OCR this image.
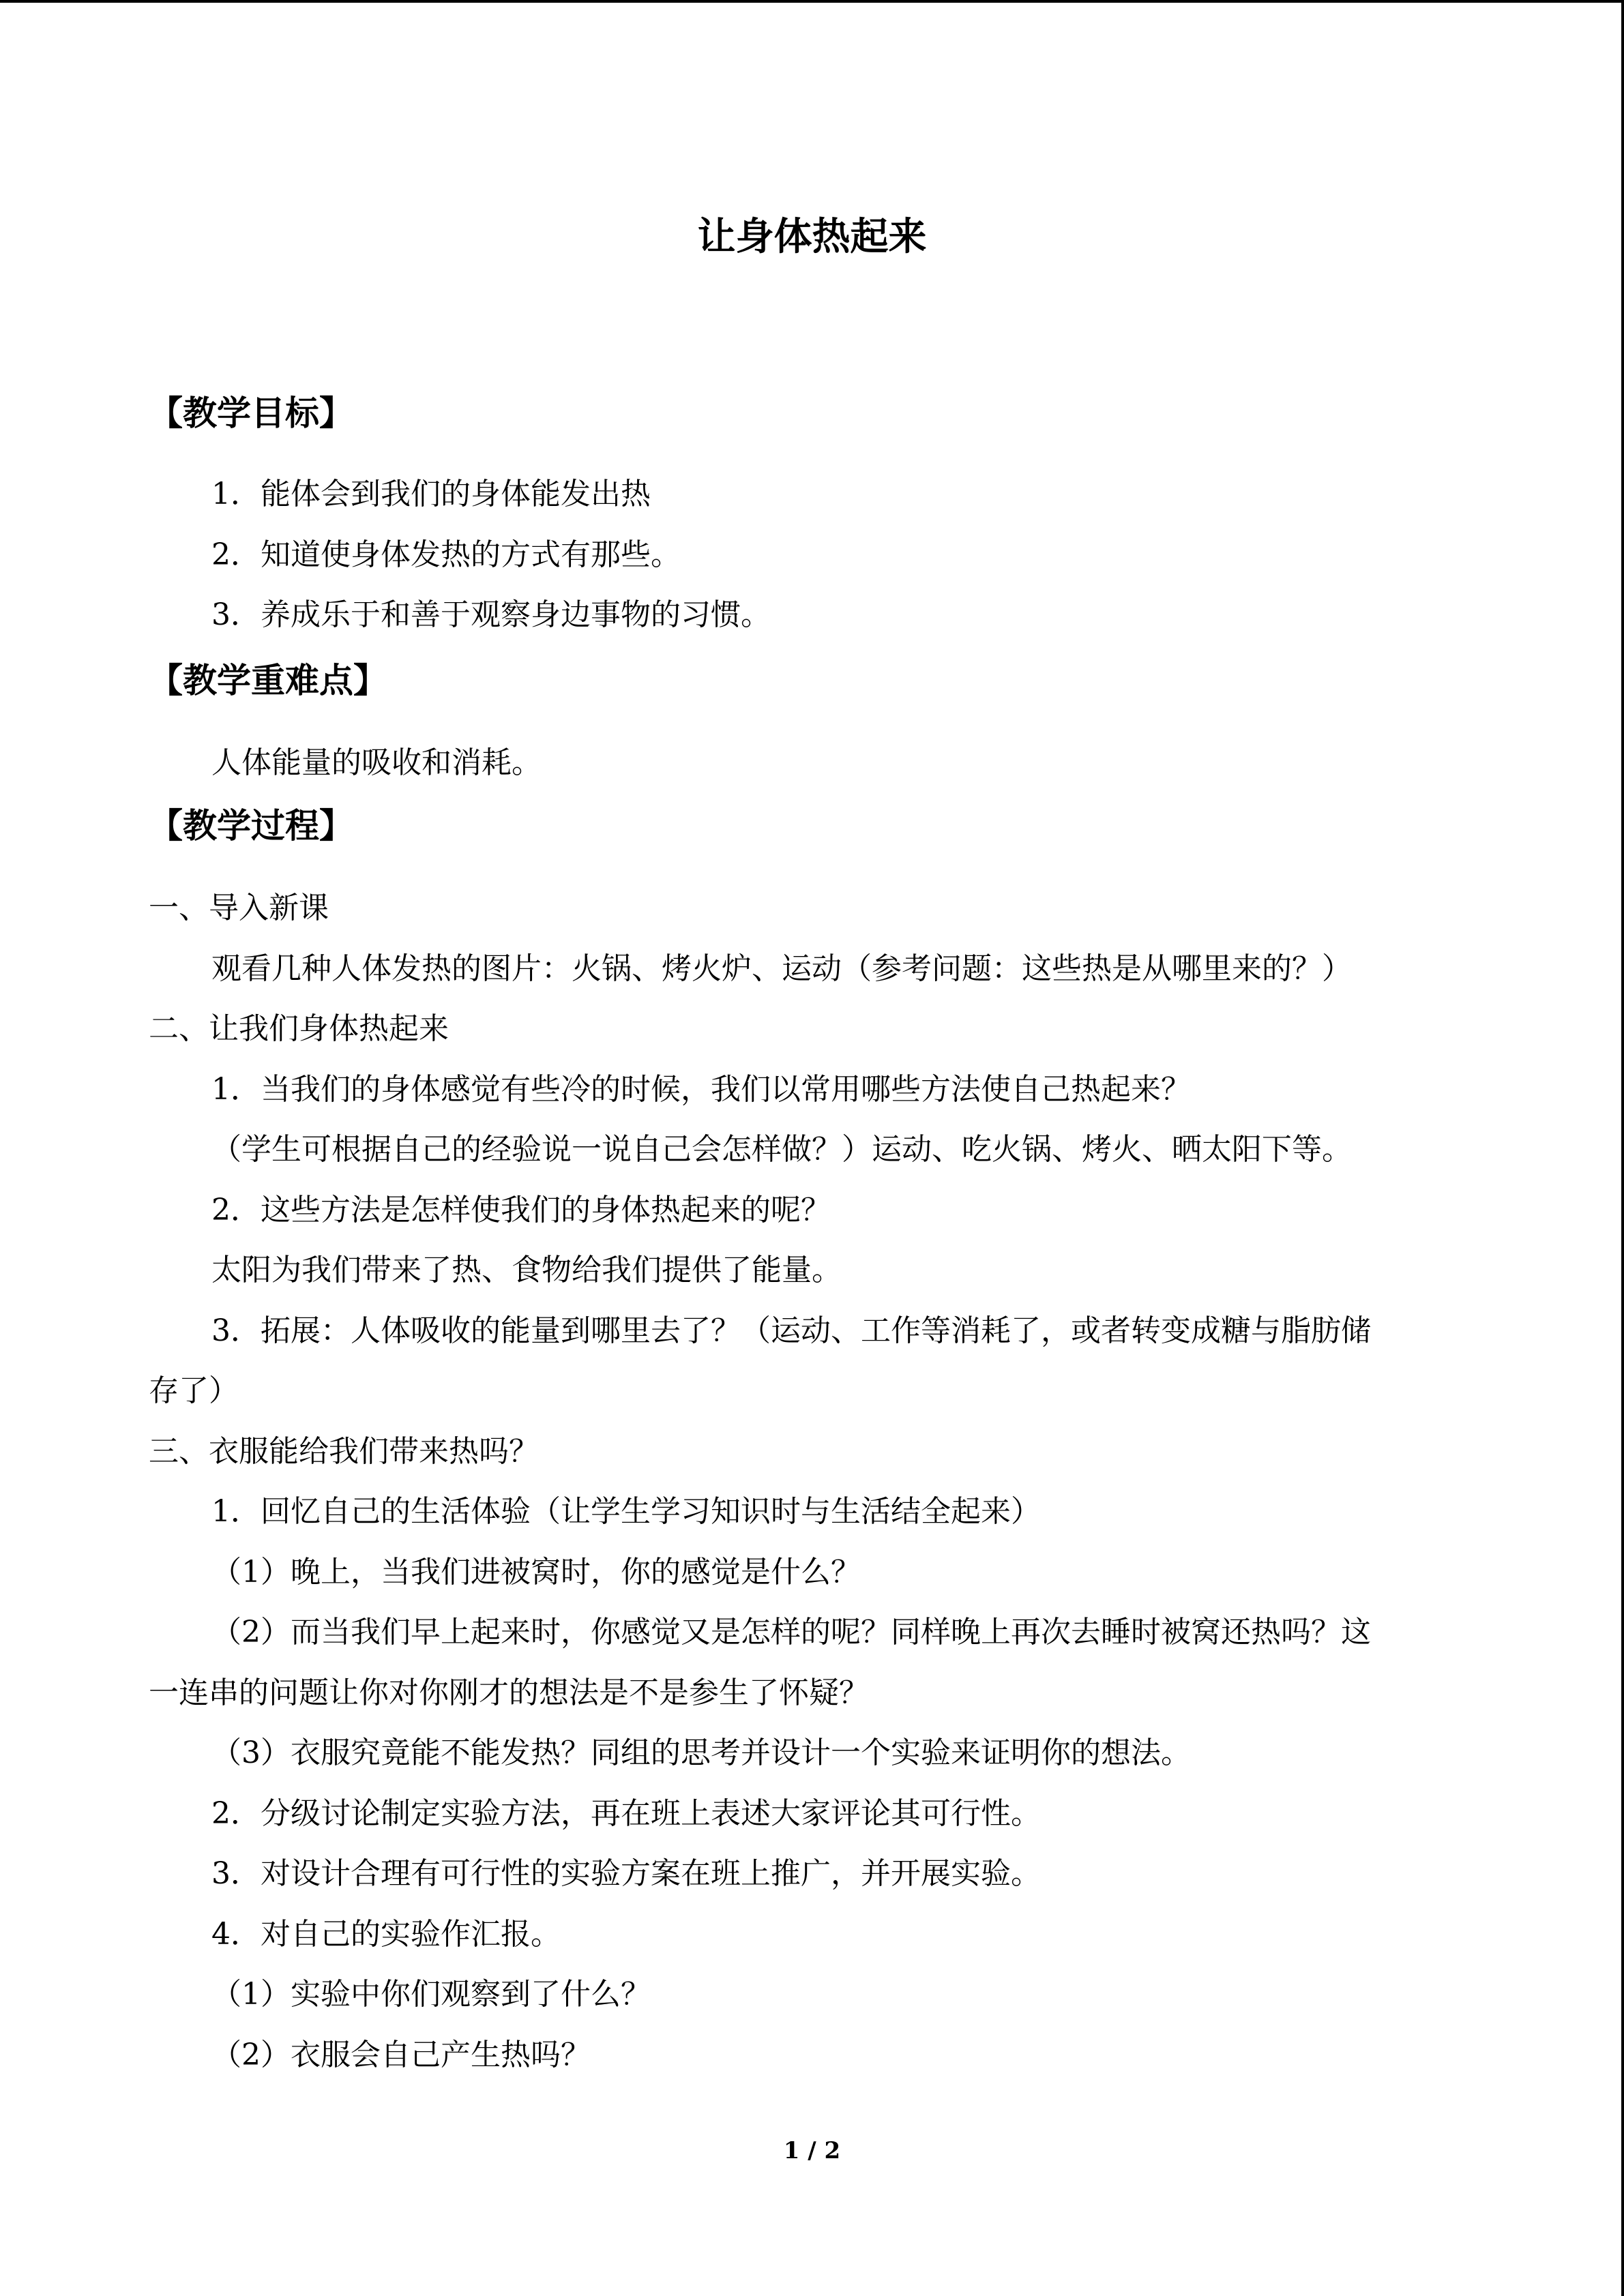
让身体热起来
【教学目标】
1．能体会到我们的身体能发出热
2．知道使身体发热的方式有那些。
3．养成乐于和善于观察身边事物的习惯。
【教学重难点】
人体能量的吸收和消耗。
【教学过程】
一、导入新课
观看几种人体发热的图片：火锅、烤火炉、运动（参考问题：这些热是从哪里来的？）
二、让我们身体热起来
1．当我们的身体感觉有些冷的时候，我们以常用哪些方法使自己热起来？
（学生可根据自己的经验说一说自己会怎样做？）运动、吃火锅、烤火、晒太阳下等。
2．这些方法是怎样使我们的身体热起来的呢？
太阳为我们带来了热、食物给我们提供了能量。
3．拓展：人体吸收的能量到哪里去了？（运动、工作等消耗了，或者转变成糖与脂肪储
存了）
三、衣服能给我们带来热吗？
1．回忆自己的生活体验（让学生学习知识时与生活结全起来）
（1）晚上，当我们进被窝时，你的感觉是什么？
（2）而当我们早上起来时，你感觉又是怎样的呢？同样晚上再次去睡时被窝还热吗？这
一连串的问题让你对你刚才的想法是不是参生了怀疑？
（3）衣服究竟能不能发热？同组的思考并设计一个实验来证明你的想法。
2．分级讨论制定实验方法，再在班上表述大家评论其可行性。
3．对设计合理有可行性的实验方案在班上推广，并开展实验。
4．对自己的实验作汇报。
（1）实验中你们观察到了什么？
（2）衣服会自己产生热吗？
1 / 2
